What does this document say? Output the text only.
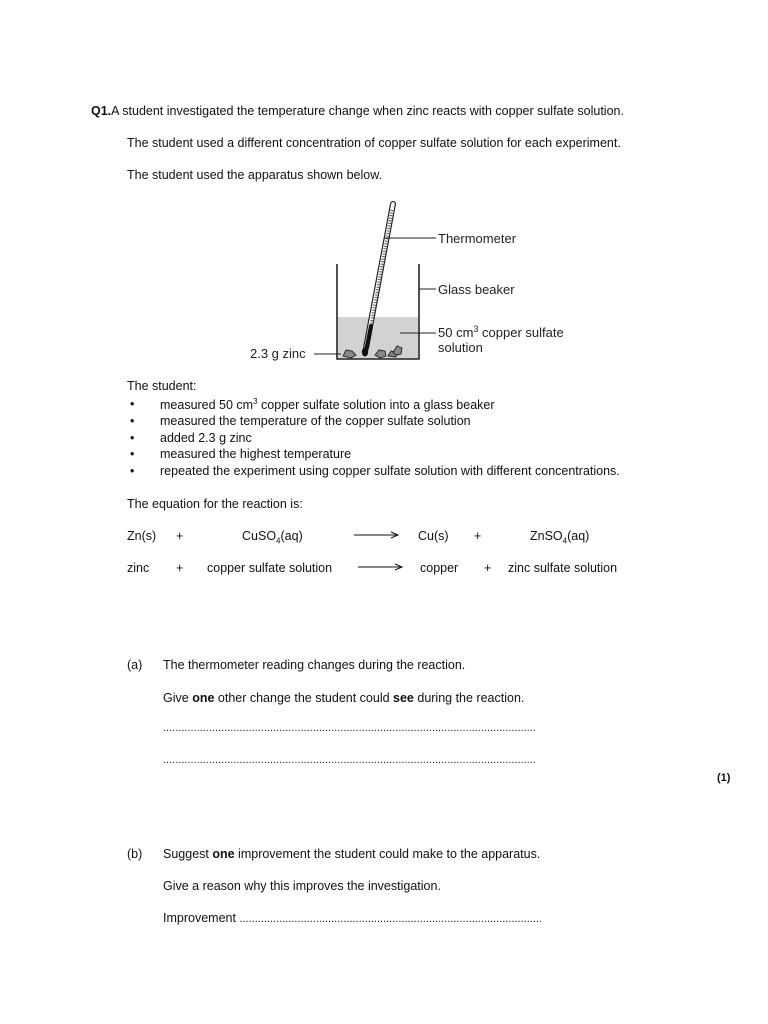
Q1.A student investigated the temperature change when zinc reacts with copper sulfate solution.
The student used a different concentration of copper sulfate solution for each experiment.
The student used the apparatus shown below.
Thermometer
Glass beaker
50 $cm^3$ copper sulfate
solution
2.3 g zinc
The student:
• measured 50 $cm^3$ copper sulfate solution into a glass beaker
• measured the temperature of the copper sulfate solution
• added 2.3 g zinc
• measured the highest temperature
• repeated the experiment using copper sulfate solution with different concentrations.
The equation for the reaction is:
Zn(s) +	CuSO$_4$(aq)	→ Cu(s) +	ZnSO$_4$(aq)
zinc + copper sulfate solution	copper + zinc sulfate solution
(a) The thermometer reading changes during the reaction.
Give one other change the student could see during the reaction.
..........................................................................................................................
..........................................................................................................................
(1)
(b) Suggest one improvement the student could make to the apparatus.
Give a reason why this improves the investigation.
Improvement ...................................................................................................
